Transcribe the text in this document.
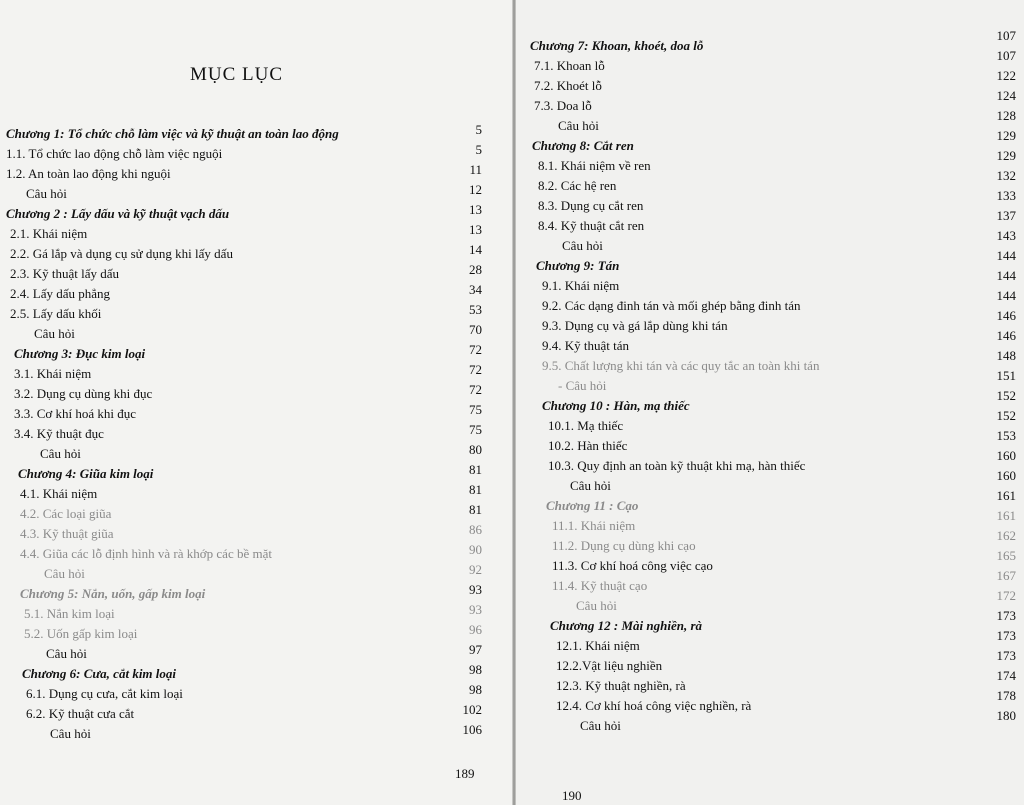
MỤC LỤC
Chương 1: Tổ chức chỗ làm việc và kỹ thuật an toàn lao động
1.1. Tổ chức lao động chỗ làm việc nguội
1.2. An toàn lao động khi nguội
Câu hỏi
Chương 2 : Lấy dấu và kỹ thuật vạch dấu
2.1. Khái niệm
2.2. Gá lắp và dụng cụ sử dụng khi lấy dấu
2.3. Kỹ thuật lấy dấu
2.4. Lấy dấu phẳng
2.5. Lấy dấu khối
Câu hỏi
Chương 3: Đục kim loại
3.1. Khái niệm
3.2. Dụng cụ dùng khi đục
3.3. Cơ khí hoá khi đục
3.4. Kỹ thuật đục
Câu hỏi
Chương 4: Giũa kim loại
4.1. Khái niệm
4.2. Các loại giũa
4.3. Kỹ thuật giũa
4.4. Giũa các lỗ định hình và rà khớp các bề mặt
Câu hỏi
Chương 5: Nắn, uốn, gấp kim loại
5.1. Nắn kim loại
5.2. Uốn gấp kim loại
Câu hỏi
Chương 6: Cưa, cắt kim loại
6.1. Dụng cụ cưa, cắt kim loại
6.2. Kỹ thuật cưa cắt
Câu hỏi
5
5
11
12
13
13
14
28
34
53
70
72
72
72
75
75
80
81
81
81
86
90
92
93
93
96
97
98
98
102
106
189
Chương 7: Khoan, khoét, doa lỗ
7.1. Khoan lỗ
7.2. Khoét lỗ
7.3. Doa lỗ
Câu hỏi
Chương 8: Cắt ren
8.1. Khái niệm về ren
8.2. Các hệ ren
8.3. Dụng cụ cắt ren
8.4. Kỹ thuật cắt ren
Câu hỏi
Chương 9: Tán
9.1. Khái niệm
9.2. Các dạng đinh tán và mối ghép bằng đinh tán
9.3. Dụng cụ và gá lắp dùng khi tán
9.4. Kỹ thuật tán
9.5. Chất lượng khi tán và các quy tắc an toàn khi tán
- Câu hỏi
Chương 10 : Hàn, mạ thiếc
10.1. Mạ thiếc
10.2. Hàn thiếc
10.3. Quy định an toàn kỹ thuật khi mạ, hàn thiếc
Câu hỏi
Chương 11 : Cạo
11.1. Khái niệm
11.2. Dụng cụ dùng khi cạo
11.3. Cơ khí hoá công việc cạo
11.4. Kỹ thuật cạo
Câu hỏi
Chương 12 : Mài nghiền, rà
12.1. Khái niệm
12.2.Vật liệu nghiền
12.3. Kỹ thuật nghiền, rà
12.4. Cơ khí hoá công việc nghiền, rà
Câu hỏi
107
107
122
124
128
129
129
132
133
137
143
144
144
144
146
146
148
151
152
152
153
160
160
161
161
162
165
167
172
173
173
173
174
178
180
190
